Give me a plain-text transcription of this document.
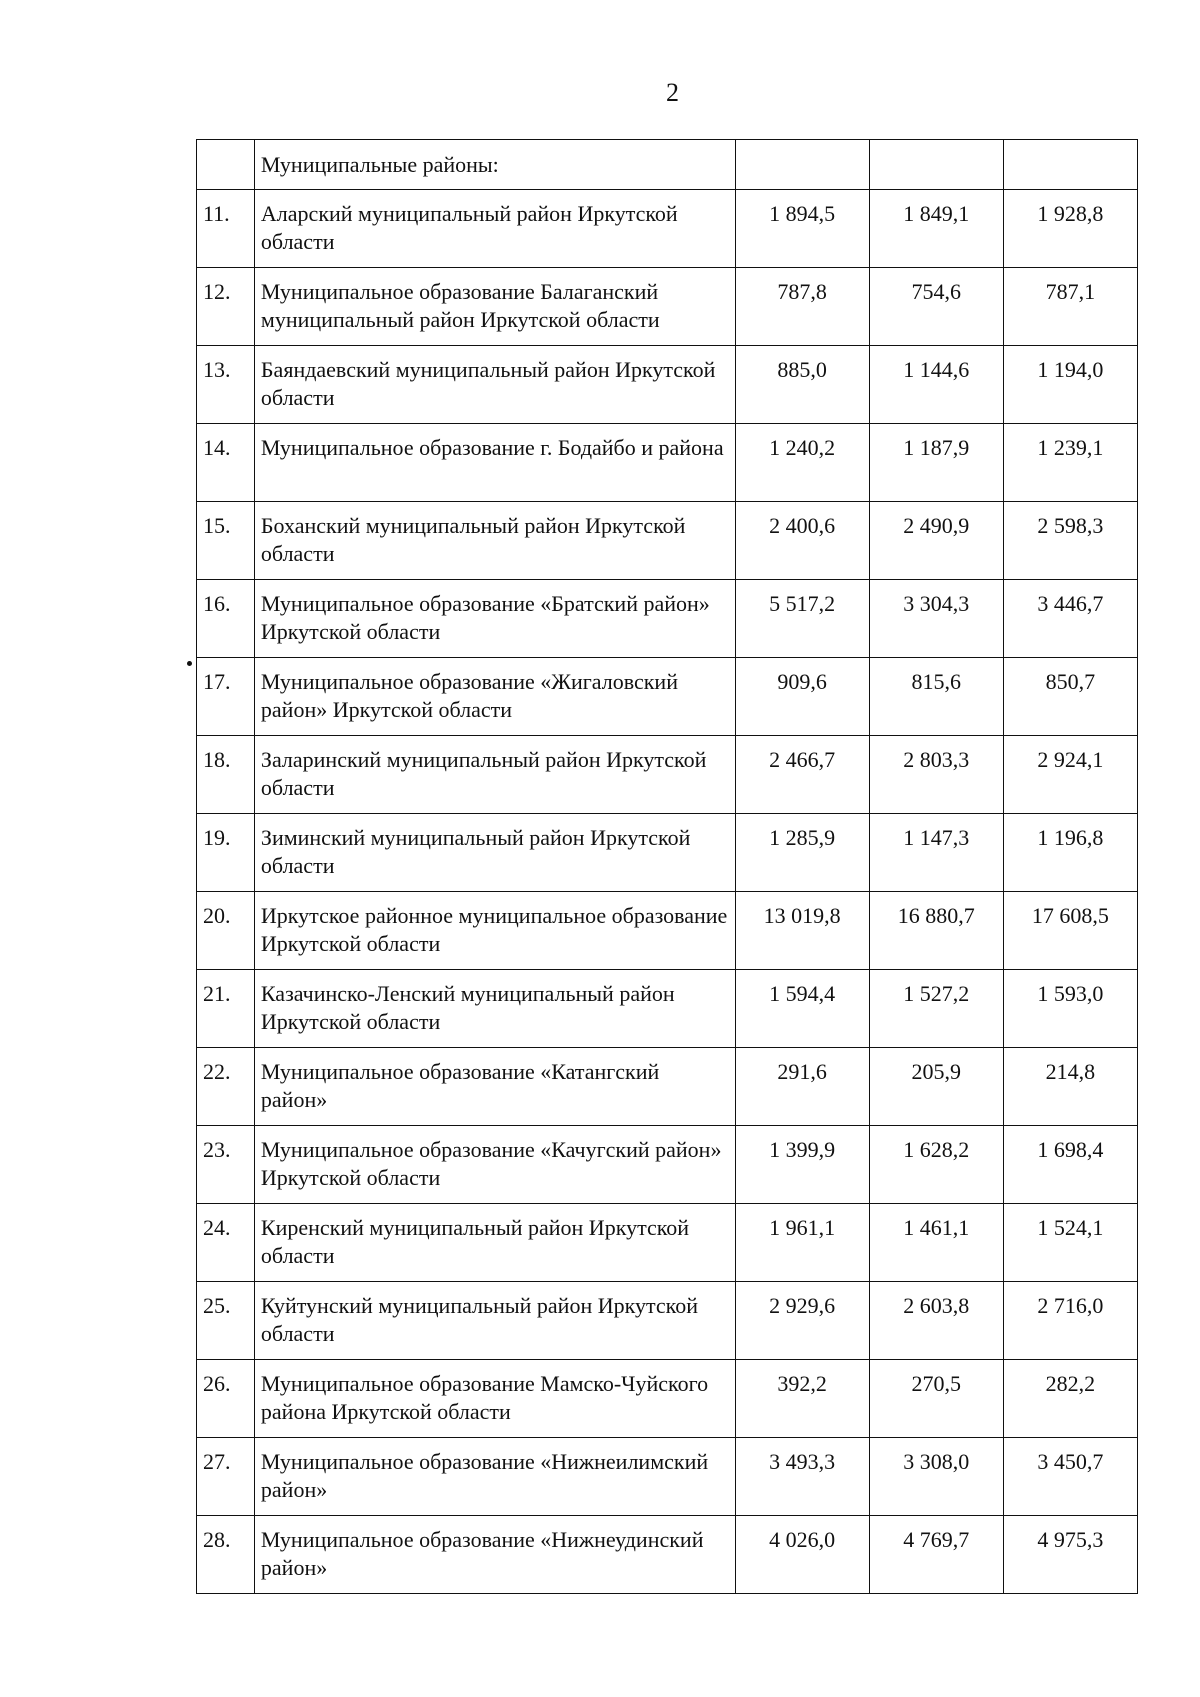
2
	Муниципальные районы:			
11.	Аларский муниципальный район Иркутской области	1 894,5	1 849,1	1 928,8
12.	Муниципальное образование Балаганский муниципальный район Иркутской области	787,8	754,6	787,1
13.	Баяндаевский муниципальный район Иркутской области	885,0	1 144,6	1 194,0
14.	Муниципальное образование г. Бодайбо и района	1 240,2	1 187,9	1 239,1
15.	Боханский муниципальный район Иркутской области	2 400,6	2 490,9	2 598,3
16.	Муниципальное образование «Братский район» Иркутской области	5 517,2	3 304,3	3 446,7
17.	Муниципальное образование «Жигаловский район» Иркутской области	909,6	815,6	850,7
18.	Заларинский муниципальный район Иркутской области	2 466,7	2 803,3	2 924,1
19.	Зиминский муниципальный район Иркутской области	1 285,9	1 147,3	1 196,8
20.	Иркутское районное муниципальное образование Иркутской области	13 019,8	16 880,7	17 608,5
21.	Казачинско-Ленский муниципальный район Иркутской области	1 594,4	1 527,2	1 593,0
22.	Муниципальное образование «Катангский район»	291,6	205,9	214,8
23.	Муниципальное образование «Качугский район» Иркутской области	1 399,9	1 628,2	1 698,4
24.	Киренский муниципальный район Иркутской области	1 961,1	1 461,1	1 524,1
25.	Куйтунский муниципальный район Иркутской области	2 929,6	2 603,8	2 716,0
26.	Муниципальное образование Мамско-Чуйского района Иркутской области	392,2	270,5	282,2
27.	Муниципальное образование «Нижнеилимский район»	3 493,3	3 308,0	3 450,7
28.	Муниципальное образование «Нижнеудинский район»	4 026,0	4 769,7	4 975,3
